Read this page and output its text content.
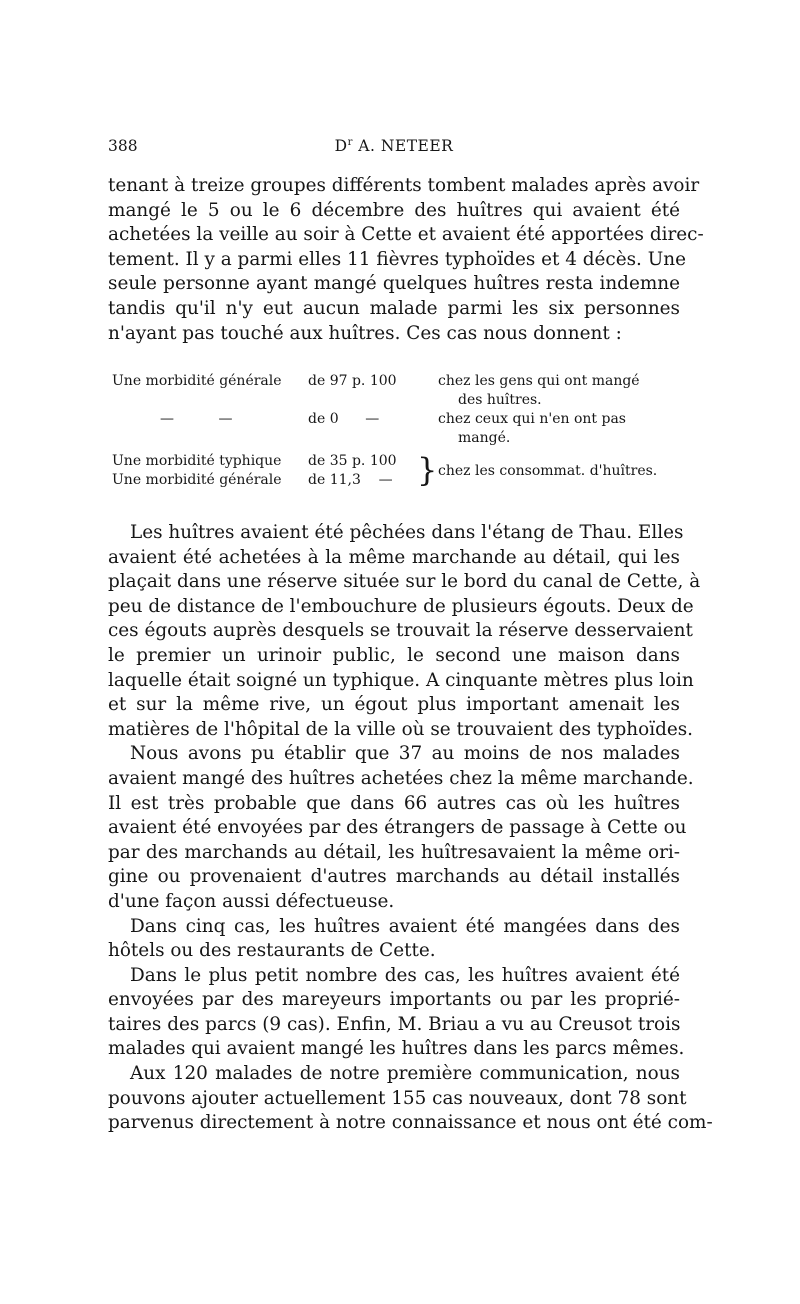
388	$D^r$ A. NETEER
tenant à treize groupes différents tombent malades après avoir
mangé le 5 ou le 6 décembre des huîtres qui avaient été
achetées la veille au soir à Cette et avaient été apportées direc-
tement. Il y a parmi elles 11 fièvres typhoïdes et 4 décès. Une
seule personne ayant mangé quelques huîtres resta indemne
tandis qu'il n'y eut aucun malade parmi les six personnes
n'ayant pas touché aux huîtres. Ces cas nous donnent :
Une morbidité générale de 97 p. 100	chez les gens qui ont mangé
des huîtres.
—          —	de 0      —	chez ceux qui n'en ont pas
mangé.
Une morbidité typhique de 35 p. 100
Une morbidité générale de 11,3    — } chez les consommat. d'huîtres.
Les huîtres avaient été pêchées dans l'étang de Thau. Elles
avaient été achetées à la même marchande au détail, qui les
plaçait dans une réserve située sur le bord du canal de Cette, à
peu de distance de l'embouchure de plusieurs égouts. Deux de
ces égouts auprès desquels se trouvait la réserve desservaient
le premier un urinoir public, le second une maison dans
laquelle était soigné un typhique. A cinquante mètres plus loin
et sur la même rive, un égout plus important amenait les
matières de l'hôpital de la ville où se trouvaient des typhoïdes.
Nous avons pu établir que 37 au moins de nos malades
avaient mangé des huîtres achetées chez la même marchande.
Il est très probable que dans 66 autres cas où les huîtres
avaient été envoyées par des étrangers de passage à Cette ou
par des marchands au détail, les huîtresavaient la même ori-
gine ou provenaient d'autres marchands au détail installés
d'une façon aussi défectueuse.
Dans cinq cas, les huîtres avaient été mangées dans des
hôtels ou des restaurants de Cette.
Dans le plus petit nombre des cas, les huîtres avaient été
envoyées par des mareyeurs importants ou par les proprié-
taires des parcs (9 cas). Enfin, M. Briau a vu au Creusot trois
malades qui avaient mangé les huîtres dans les parcs mêmes.
Aux 120 malades de notre première communication, nous
pouvons ajouter actuellement 155 cas nouveaux, dont 78 sont
parvenus directement à notre connaissance et nous ont été com-
